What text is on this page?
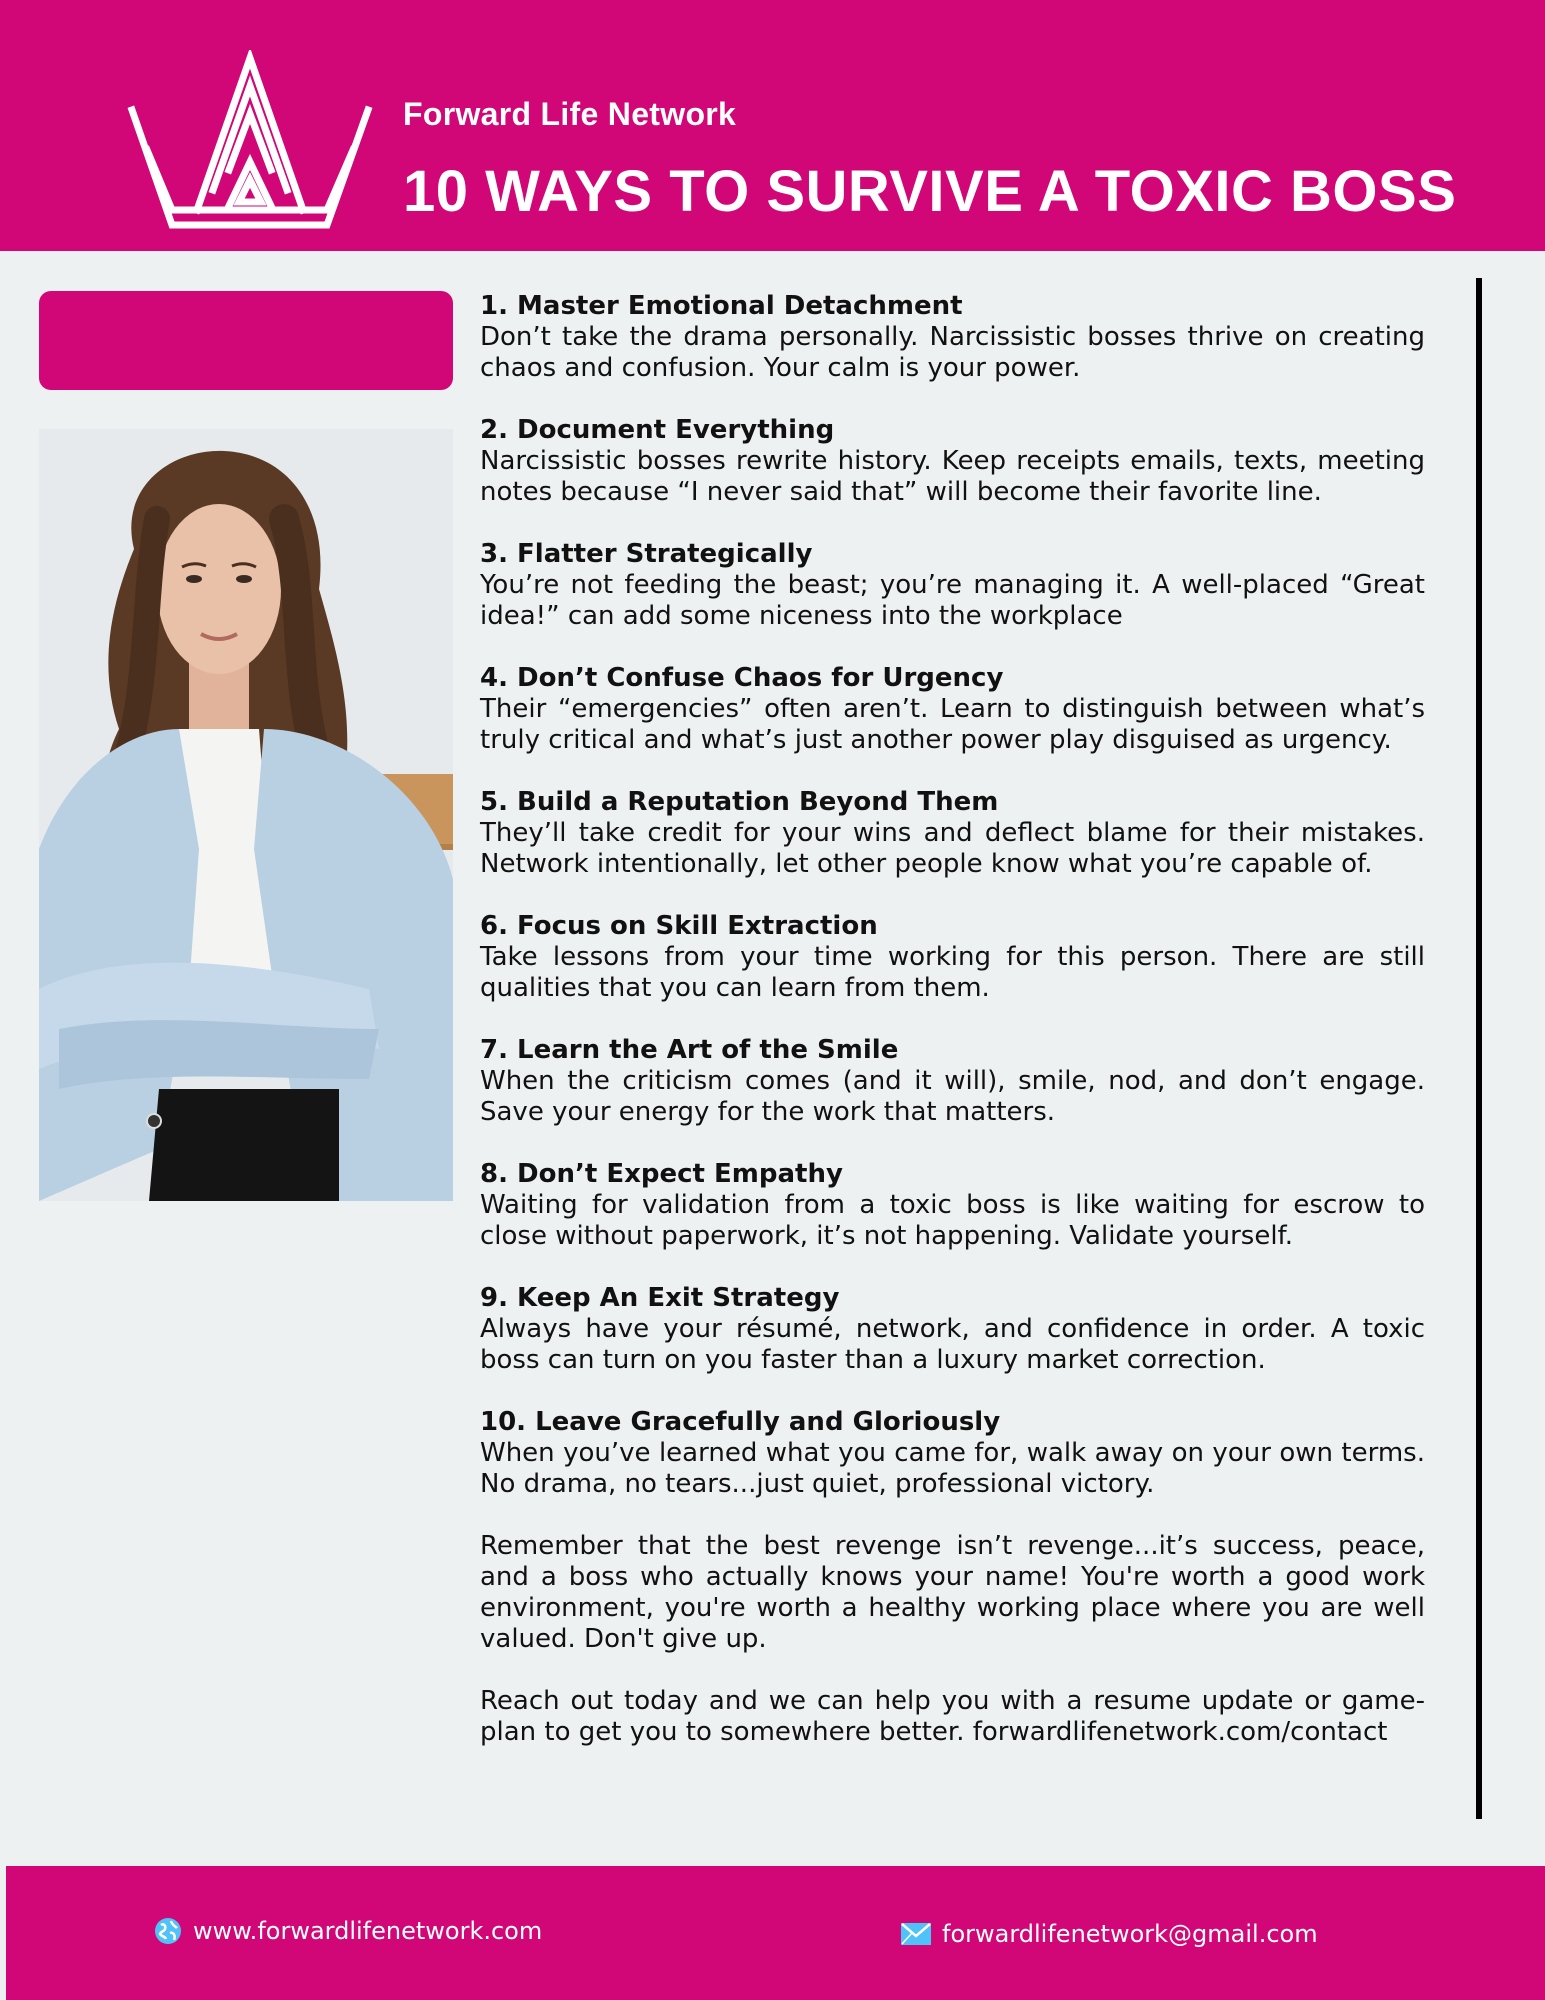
Forward Life Network
10 WAYS TO SURVIVE A TOXIC BOSS
1. Master Emotional Detachment
Don’t take the drama personally. Narcissistic bosses thrive on creating chaos and confusion. Your calm is your power.
2. Document Everything
Narcissistic bosses rewrite history. Keep receipts emails, texts, meeting notes because “I never said that” will become their favorite line.
3. Flatter Strategically
You’re not feeding the beast; you’re managing it. A well-placed “Great idea!” can add some niceness into the workplace
4. Don’t Confuse Chaos for Urgency
Their “emergencies” often aren’t. Learn to distinguish between what’s truly critical and what’s just another power play disguised as urgency.
5. Build a Reputation Beyond Them
They’ll take credit for your wins and deflect blame for their mistakes. Network intentionally, let other people know what you’re capable of.
6. Focus on Skill Extraction
Take lessons from your time working for this person. There are still qualities that you can learn from them.
7. Learn the Art of the Smile
When the criticism comes (and it will), smile, nod, and don’t engage. Save your energy for the work that matters.
8. Don’t Expect Empathy
Waiting for validation from a toxic boss is like waiting for escrow to close without paperwork, it’s not happening. Validate yourself.
9. Keep An Exit Strategy
Always have your résumé, network, and confidence in order. A toxic boss can turn on you faster than a luxury market correction.
10. Leave Gracefully and Gloriously
When you’ve learned what you came for, walk away on your own terms. No drama, no tears...just quiet, professional victory.
Remember that the best revenge isn’t revenge...it’s success, peace, and a boss who actually knows your name! You're worth a good work environment, you're worth a healthy working place where you are well valued. Don't give up.
Reach out today and we can help you with a resume update or game-plan to get you to somewhere better. forwardlifenetwork.com/contact
www.forwardlifenetwork.com	forwardlifenetwork@gmail.com
